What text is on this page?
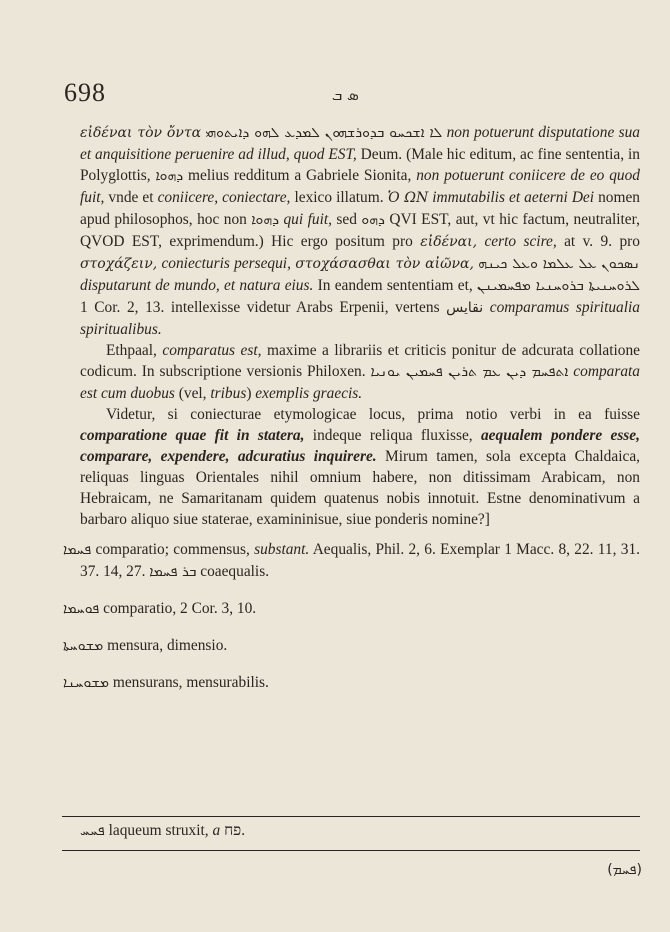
698	ܣ ܒ

εἰδέναι τὸν ὄντα ܠܐ ܐܫܟܚܘ ܒܕܘܪܫܗܘܢ ܠܡܕܥ ܠܗܘ ܕܐܝܬܘܗܝ non potuerunt disputatione sua et anquisitione peruenire ad illud, quod EST, Deum. (Male hic editum, ac fine sententia, in Polyglottis, ܕܗܘܐ melius redditum a Gabriele Sionita, non potuerunt coniicere de eo quod fuit, vnde et coniicere, coniectare, lexico illatum. Ὁ ΩΝ immutabilis et aeterni Dei nomen apud philosophos, hoc non ܕܗܘܐ qui fuit, sed ܕܗܘ QVI EST, aut, vt hic factum, neutraliter, QVOD EST, exprimendum.) Hic ergo positum pro εἰδέναι, certo scire, at v. 9. pro στοχάζειν, coniecturis persequi, στοχάσασθαι τὸν αἰῶνα, ܢܣܟܘܢ ܥܠ ܥܠܡܐ ܘܥܠ ܟܝܢܗ disputarunt de mundo, et natura eius. In eandem sententiam et, ܠܪܘܚܢܝܬܐ ܒܪܘܚܢܝܐ ܡܦܚܡܝܢܢ 1 Cor. 2, 13. intellexisse videtur Arabs Erpenii, vertens نقايس comparamus spiritualia spiritualibus.

Ethpaal, comparatus est, maxime a librariis et criticis ponitur de adcurata collatione codicum. In subscriptione versionis Philoxen. ܐܬܦܚܡ ܕܝܢ ܥܡ ܬܪܝܢ ܦܚܡܝܢ ܝܘܢܝܐ comparata est cum duobus (vel, tribus) exemplis graecis.

Videtur, si coniecturae etymologicae locus, prima notio verbi in ea fuisse comparatione quae fit in statera, indeque reliqua fluxisse, aequalem pondere esse, comparare, expendere, adcuratius inquirere. Mirum tamen, sola excepta Chaldaica, reliquas linguas Orientales nihil omnium habere, non ditissimam Arabicam, non Hebraicam, ne Samaritanam quidem quatenus nobis innotuit. Estne denominativum a barbaro aliquo siue staterae, examininisue, siue ponderis nomine?]

ܦܚܡܐ comparatio; commensus, substant. Aequalis, Phil. 2, 6. Exemplar 1 Macc. 8, 22. 11, 31. 37. 14, 27. ܒܪ ܦܚܡܐ coaequalis.

ܦܘܚܡܐ comparatio, 2 Cor. 3, 10.

ܡܫܘܚܬܐ mensura, dimensio.

ܡܫܘܚܢܐ mensurans, mensurabilis.

ܦܚܚ laqueum struxit, a פח.
(ܦܚܡ)
